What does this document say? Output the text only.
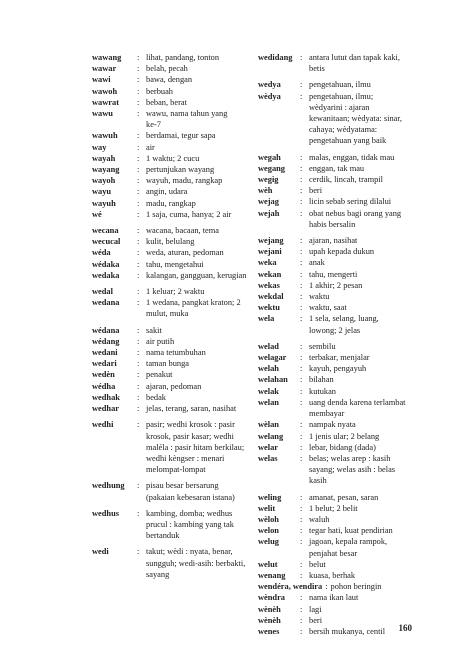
wawang	: lihat, pandang, tonton
wawar	: belah, pecah
wawi	: bawa, dengan
wawoh	: berbuah
wawrat	: beban, berat
wawu	: wawu, nama tahun yang ke-7
wawuh	: berdamai, tegur sapa
way	: air
wayah	: 1 waktu; 2 cucu
wayang	: pertunjukan wayang
wayoh	: wayuh, madu, rangkap
wayu	: angin, udara
wayuh	: madu, rangkap
wé	: 1 saja, cuma, hanya; 2 air
wecana	: wacana, bacaan, tema
wecucal	: kulit, belulang
wéda	: weda, aturan, pedoman
wédaka	: tahu, mengetahui
wedaka	: kalangan, gangguan, kerugian
wedal	: 1 keluar; 2 waktu
wedana	: 1 wedana, pangkat kraton; 2 mulut, muka
wédana	: sakit
wédang	: air putih
wedani	: nama tetumbuhan
wedari	: taman bunga
wedèn	: penakut
wédha	: ajaran, pedoman
wedhak	: bedak
wedhar	: jelas, terang, saran, nasihat
wedhi	: pasir; wedhi krosok : pasir krosok, pasir kasar; wedhi maléla : pasir hitam berkilau; wedhi kèngser : menari melompat-lompat
wedhung	: pisau besar bersarung (pakaian kebesaran istana)
wedhus	: kambing, domba; wedhus prucul : kambing yang tak bertanduk
wedi	: takut; wèdi : nyata, benar, sungguh; wedi-asih: berbakti, sayang
wedidang : antara lutut dan tapak kaki, betis
wedya	: pengetahuan, ilmu
wèdya	: pengetahuan, ilmu; wèdyarini : ajaran kewanitaan; wèdyata: sinar, cahaya; wèdyatama: pengetahuan yang baik
wegah	: malas, enggan, tidak mau
wegang	: enggan, tak mau
wegig	: cerdik, lincah, trampil
wèh	: beri
wejag	: licin sebab sering dilalui
wejah	: obat nebus bagi orang yang habis bersalin
wejang	: ajaran, nasihat
wejani	: upah kepada dukun
weka	: anak
wekan	: tahu, mengerti
wekas	: 1 akhir; 2 pesan
wekdal	: waktu
wektu	: waktu, saat
wela	: 1 sela, selang, luang, lowong; 2 jelas
welad	: sembilu
welagar	: terbakar, menjalar
welah	: kayuh, pengayuh
welahan	: bilahan
welak	: kutukan
welan	: uang denda karena terlambat membayar
wèlan	: nampak nyata
welang	: 1 jenis ular; 2 belang
welar	: lebar, bidang (dada)
welas	: belas; welas arep : kasih sayang; welas asih : belas kasih
weling	: amanat, pesan, saran
welit	: 1 belut; 2 belit
wèloh	: waluh
welon	: tegar hati, kuat pendirian
welug	: jagoan, kepala rampok, penjahat besar
welut	: belut
wenang	: kuasa, berhak
wendéra, wendira : pohon beringin
wèndra	: nama ikan laut
wènèh	: lagi
wènèh	: beri
wenes	: bersih mukanya, centil	160
